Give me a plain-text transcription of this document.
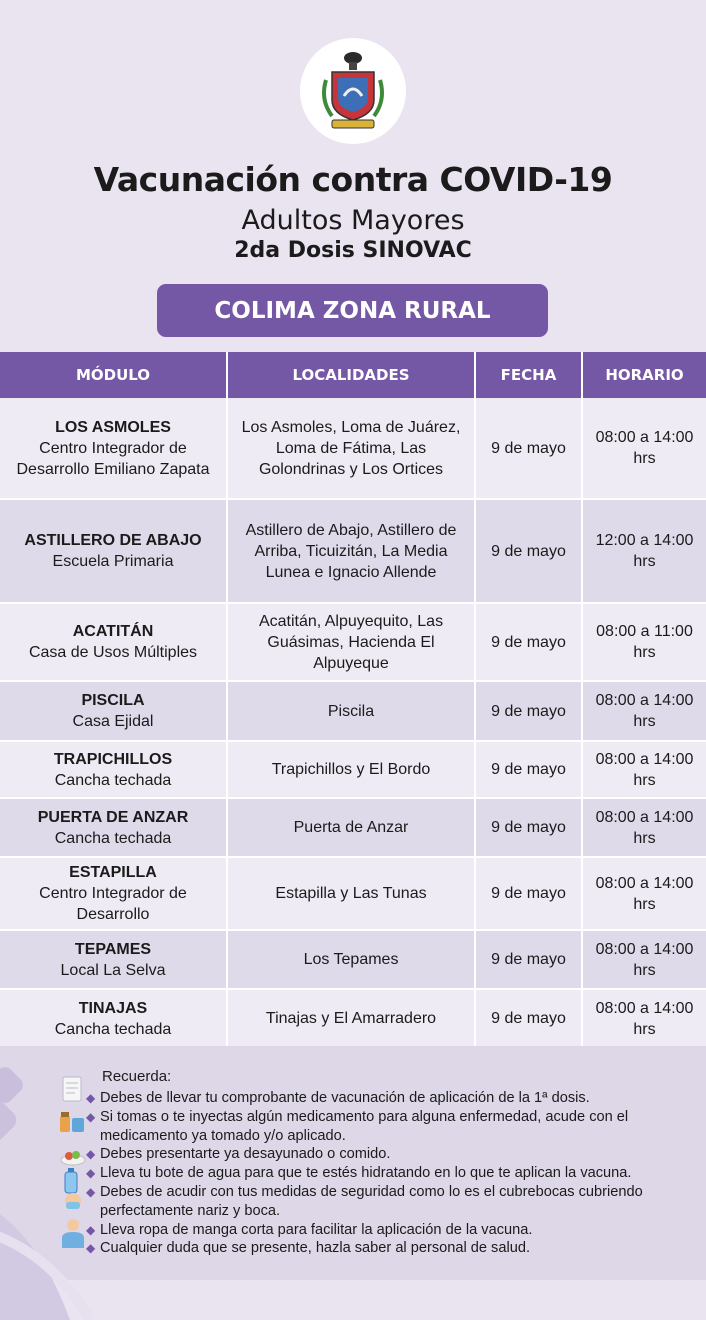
Vacunación contra COVID-19
Adultos Mayores
2da Dosis SINOVAC
COLIMA ZONA RURAL
MÓDULO	LOCALIDADES	FECHA	HORARIO

LOS ASMOLES
Centro Integrador de Desarrollo Emiliano Zapata	Los Asmoles, Loma de Juárez, Loma de Fátima, Las Golondrinas y Los Ortices	9 de mayo	08:00 a 14:00 hrs

ASTILLERO DE ABAJO
Escuela Primaria	Astillero de Abajo, Astillero de Arriba, Ticuizitán, La Media Lunea e Ignacio Allende	9 de mayo	12:00 a 14:00 hrs

ACATITÁN
Casa de Usos Múltiples	Acatitán, Alpuyequito, Las Guásimas, Hacienda El Alpuyeque	9 de mayo	08:00 a 11:00 hrs

PISCILA
Casa Ejidal	Piscila	9 de mayo	08:00 a 14:00 hrs

TRAPICHILLOS
Cancha techada	Trapichillos y El Bordo	9 de mayo	08:00 a 14:00 hrs

PUERTA DE ANZAR
Cancha techada	Puerta de Anzar	9 de mayo	08:00 a 14:00 hrs

ESTAPILLA
Centro Integrador de Desarrollo	Estapilla y Las Tunas	9 de mayo	08:00 a 14:00 hrs

TEPAMES
Local La Selva	Los Tepames	9 de mayo	08:00 a 14:00 hrs

TINAJAS
Cancha techada	Tinajas y El Amarradero	9 de mayo	08:00 a 14:00 hrs
Recuerda:
◆ Debes de llevar tu comprobante de vacunación de aplicación de la 1ª dosis.
◆ Si tomas o te inyectas algún medicamento para alguna enfermedad, acude con el medicamento ya tomado y/o aplicado.
◆ Debes presentarte ya desayunado o comido.
◆ Lleva tu bote de agua para que te estés hidratando en lo que te aplican la vacuna.
◆ Debes de acudir con tus medidas de seguridad como lo es el cubrebocas cubriendo perfectamente nariz y boca.
◆ Lleva ropa de manga corta para facilitar la aplicación de la vacuna.
◆ Cualquier duda que se presente, hazla saber al personal de salud.
